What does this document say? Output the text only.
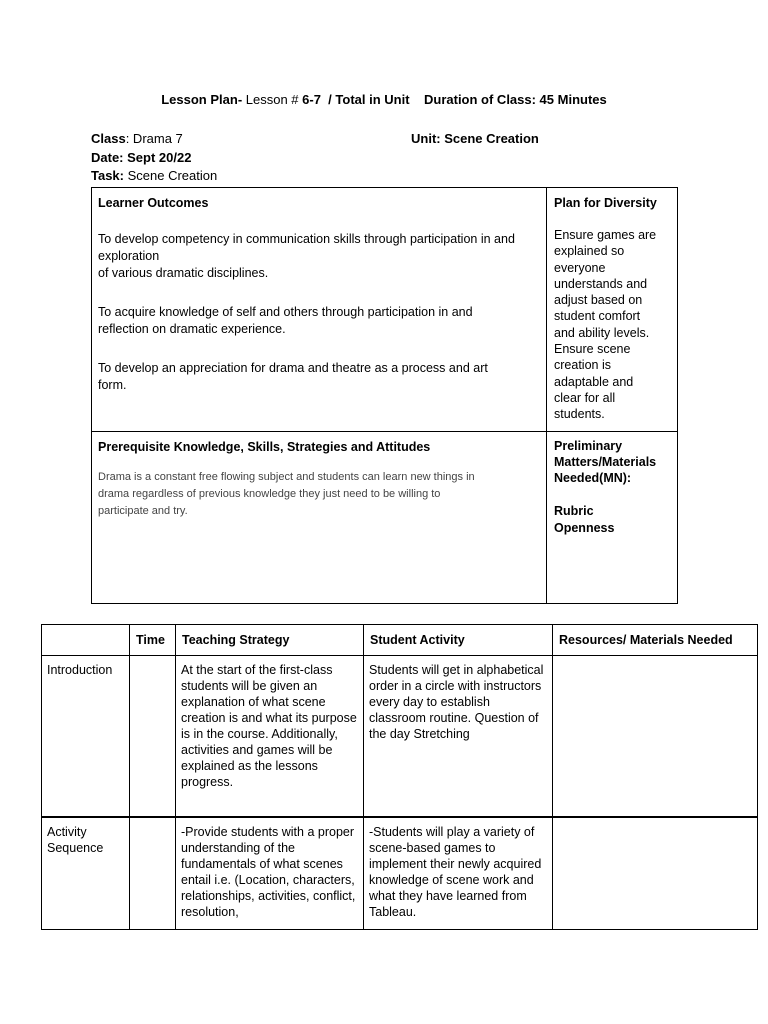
Lesson Plan- Lesson # 6-7  / Total in Unit    Duration of Class: 45 Minutes
Class: Drama 7	Unit: Scene Creation
Date: Sept 20/22
Task: Scene Creation
Learner Outcomes
To develop competency in communication skills through participation in and exploration
of various dramatic disciplines.
To acquire knowledge of self and others through participation in and
reflection on dramatic experience.
To develop an appreciation for drama and theatre as a process and art
form.
Plan for Diversity
Ensure games are
explained so
everyone
understands and
adjust based on
student comfort
and ability levels.
Ensure scene
creation is
adaptable and
clear for all
students.
Prerequisite Knowledge, Skills, Strategies and Attitudes
Drama is a constant free flowing subject and students can learn new things in
drama regardless of previous knowledge they just need to be willing to
participate and try.
Preliminary
Matters/Materials
Needed(MN):
Rubric
Openness
	Time	Teaching Strategy	Student Activity	Resources/ Materials Needed
Introduction		At the start of the first-class students will be given an explanation of what scene creation is and what its purpose is in the course. Additionally, activities and games will be explained as the lessons progress.	Students will get in alphabetical order in a circle with instructors every day to establish classroom routine. Question of the day Stretching	
Activity Sequence		-Provide students with a proper understanding of the fundamentals of what scenes entail i.e. (Location, characters, relationships, activities, conflict, resolution,	-Students will play a variety of scene-based games to implement their newly acquired knowledge of scene work and what they have learned from Tableau.	
